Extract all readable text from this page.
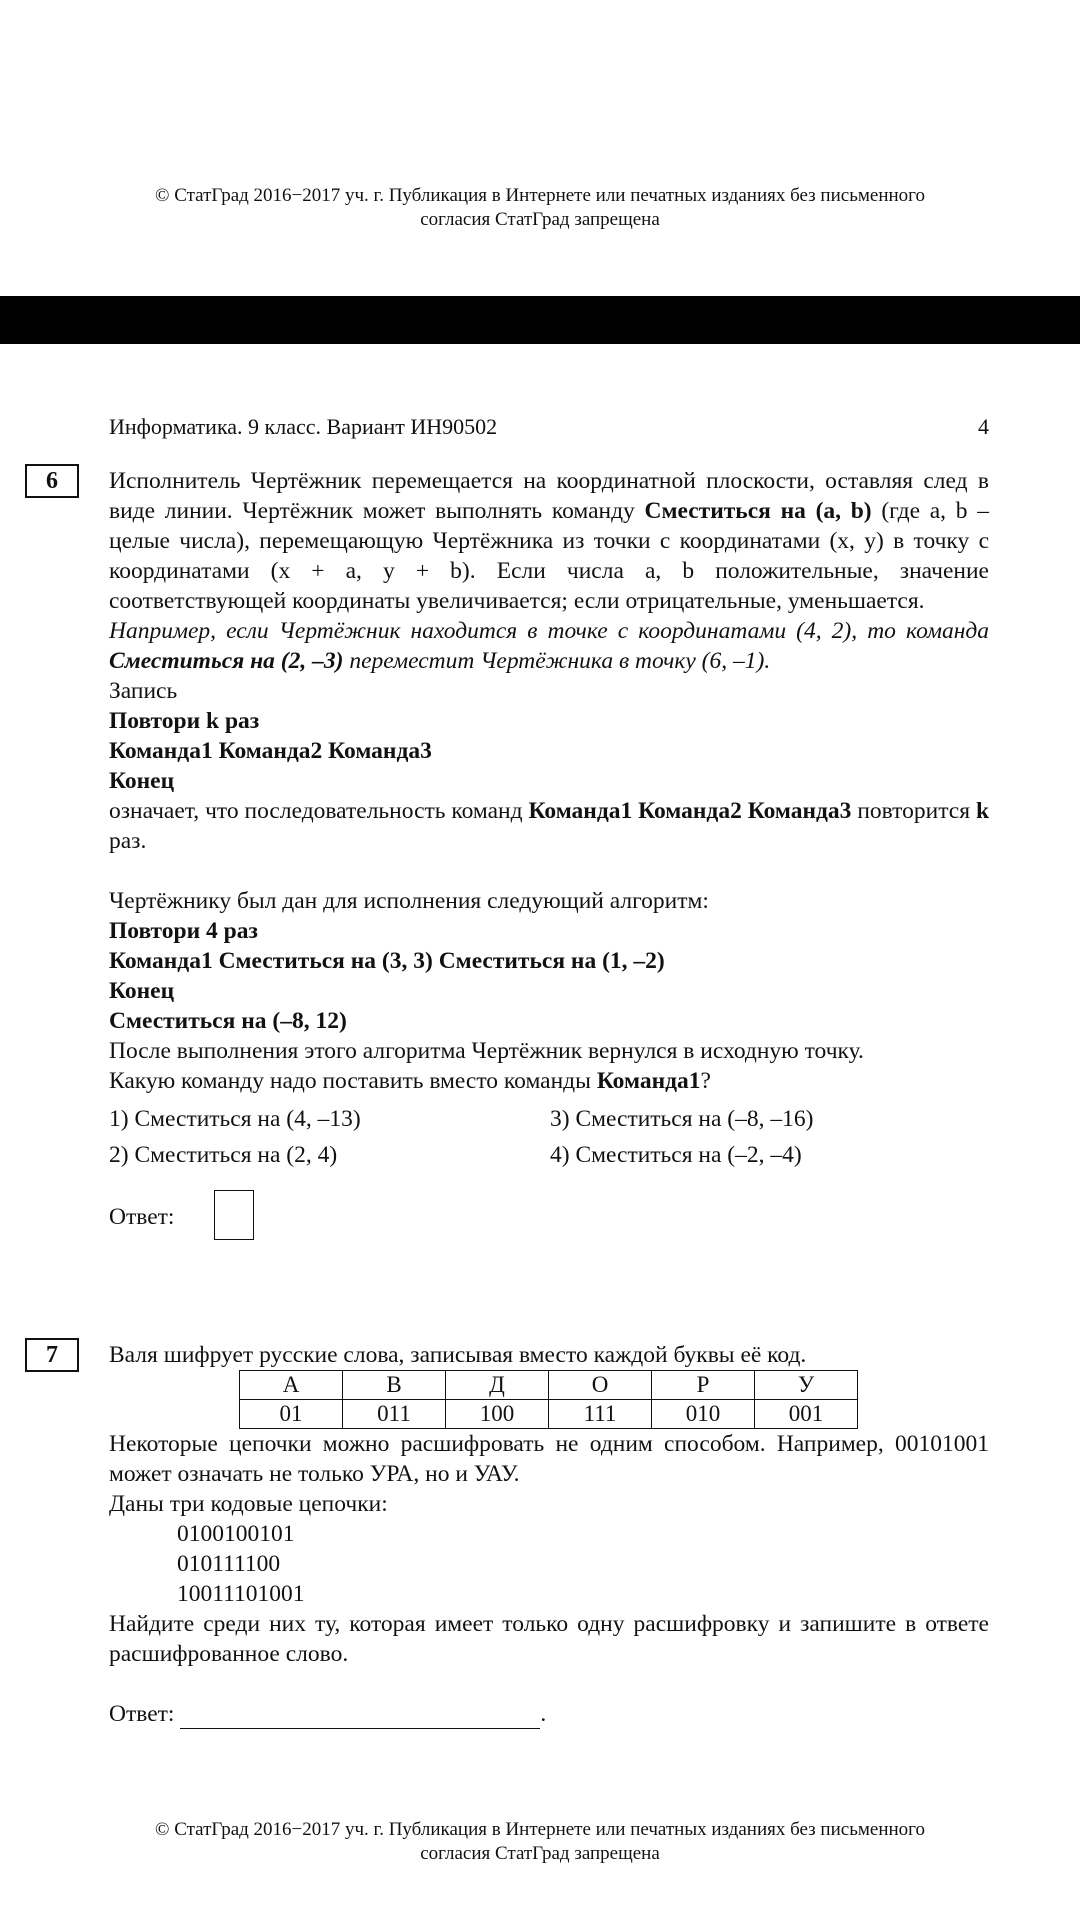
© СтатГрад 2016−2017 уч. г. Публикация в Интернете или печатных изданиях без письменного
согласия СтатГрад запрещена
Информатика. 9 класс. Вариант ИН90502	4
6	Исполнитель Чертёжник перемещается на координатной плоскости, оставляя след в виде линии. Чертёжник может выполнять команду Сместиться на (a, b) (где a, b – целые числа), перемещающую Чертёжника из точки с координатами (x, y) в точку с координатами (x + a, y + b). Если числа a, b положительные, значение соответствующей координаты увеличивается; если отрицательные, уменьшается.
Например, если Чертёжник находится в точке с координатами (4, 2), то команда Сместиться на (2, –3) переместит Чертёжника в точку (6, –1).
Запись
Повтори k раз
Команда1 Команда2 Команда3
Конец
означает, что последовательность команд Команда1 Команда2 Команда3 повторится k раз.
Чертёжнику был дан для исполнения следующий алгоритм:
Повтори 4 раз
Команда1 Сместиться на (3, 3) Сместиться на (1, –2)
Конец
Сместиться на (–8, 12)
После выполнения этого алгоритма Чертёжник вернулся в исходную точку.
Какую команду надо поставить вместо команды Команда1?
1) Сместиться на (4, –13)
2) Сместиться на (2, 4)
3) Сместиться на (–8, –16)
4) Сместиться на (–2, –4)
Ответ:
7	Валя шифрует русские слова, записывая вместо каждой буквы её код.
А	В	Д	О	Р	У
01	011	100	111	010	001
Некоторые цепочки можно расшифровать не одним способом. Например, 00101001 может означать не только УРА, но и УАУ.
Даны три кодовые цепочки:
0100100101
010111100
10011101001
Найдите среди них ту, которая имеет только одну расшифровку и запишите в ответе расшифрованное слово.
Ответ:	.
© СтатГрад 2016−2017 уч. г. Публикация в Интернете или печатных изданиях без письменного
согласия СтатГрад запрещена
